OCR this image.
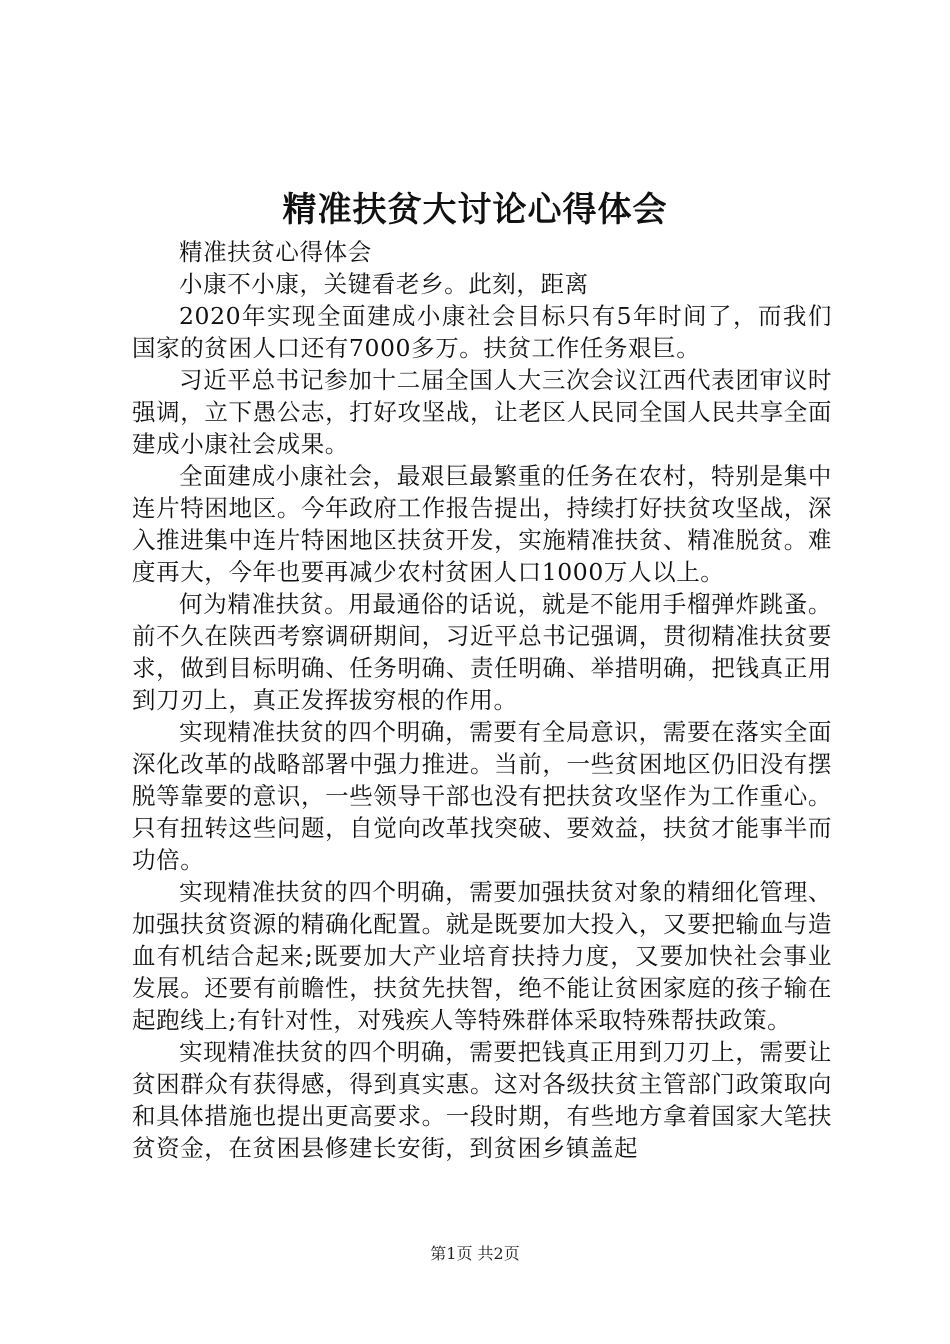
精准扶贫大讨论心得体会

精准扶贫心得体会

小康不小康，关键看老乡。此刻，距离

2020年实现全面建成小康社会目标只有5年时间了，而我们国家的贫困人口还有7000多万。扶贫工作任务艰巨。

习近平总书记参加十二届全国人大三次会议江西代表团审议时强调，立下愚公志，打好攻坚战，让老区人民同全国人民共享全面建成小康社会成果。

全面建成小康社会，最艰巨最繁重的任务在农村，特别是集中连片特困地区。今年政府工作报告提出，持续打好扶贫攻坚战，深入推进集中连片特困地区扶贫开发，实施精准扶贫、精准脱贫。难度再大，今年也要再减少农村贫困人口1000万人以上。

何为精准扶贫。用最通俗的话说，就是不能用手榴弹炸跳蚤。前不久在陕西考察调研期间，习近平总书记强调，贯彻精准扶贫要求，做到目标明确、任务明确、责任明确、举措明确，把钱真正用到刀刃上，真正发挥拔穷根的作用。

实现精准扶贫的四个明确，需要有全局意识，需要在落实全面深化改革的战略部署中强力推进。当前，一些贫困地区仍旧没有摆脱等靠要的意识，一些领导干部也没有把扶贫攻坚作为工作重心。只有扭转这些问题，自觉向改革找突破、要效益，扶贫才能事半而功倍。

实现精准扶贫的四个明确，需要加强扶贫对象的精细化管理、加强扶贫资源的精确化配置。就是既要加大投入，又要把输血与造血有机结合起来;既要加大产业培育扶持力度，又要加快社会事业发展。还要有前瞻性，扶贫先扶智，绝不能让贫困家庭的孩子输在起跑线上;有针对性，对残疾人等特殊群体采取特殊帮扶政策。

实现精准扶贫的四个明确，需要把钱真正用到刀刃上，需要让贫困群众有获得感，得到真实惠。这对各级扶贫主管部门政策取向和具体措施也提出更高要求。一段时期，有些地方拿着国家大笔扶贫资金，在贫困县修建长安街，到贫困乡镇盖起

第1页 共2页
